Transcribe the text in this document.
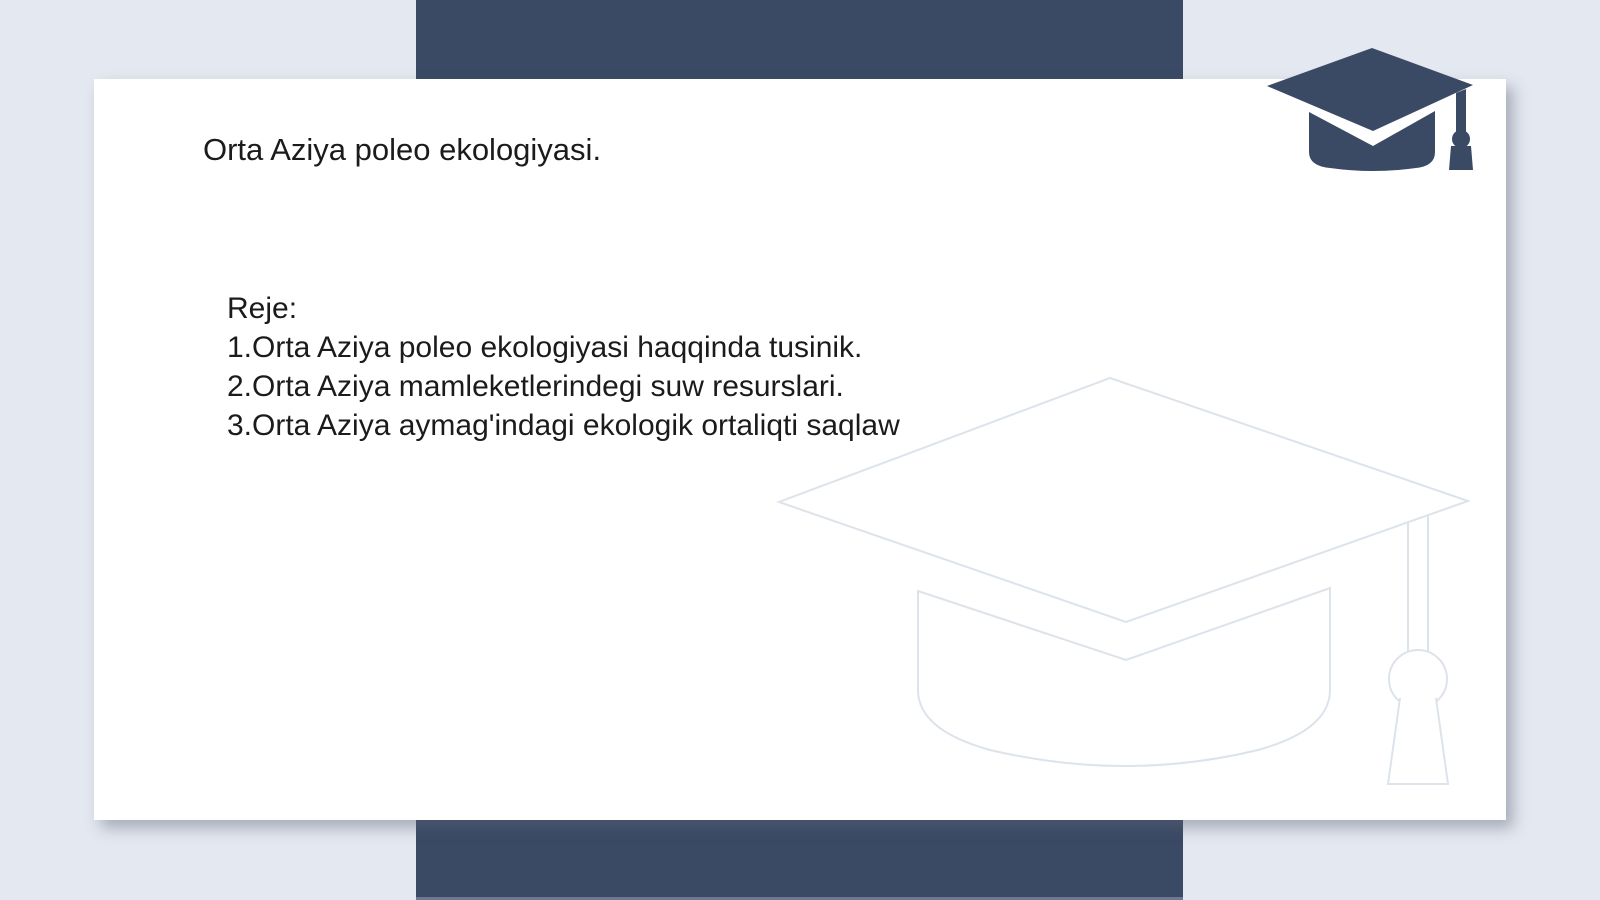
Orta Aziya poleo ekologiyasi.
Reje:
1.Orta Aziya poleo ekologiyasi haqqinda tusinik.
2.Orta Aziya mamleketlerindegi suw resurslari.
3.Orta Aziya aymag'indagi ekologik ortaliqti saqlaw
